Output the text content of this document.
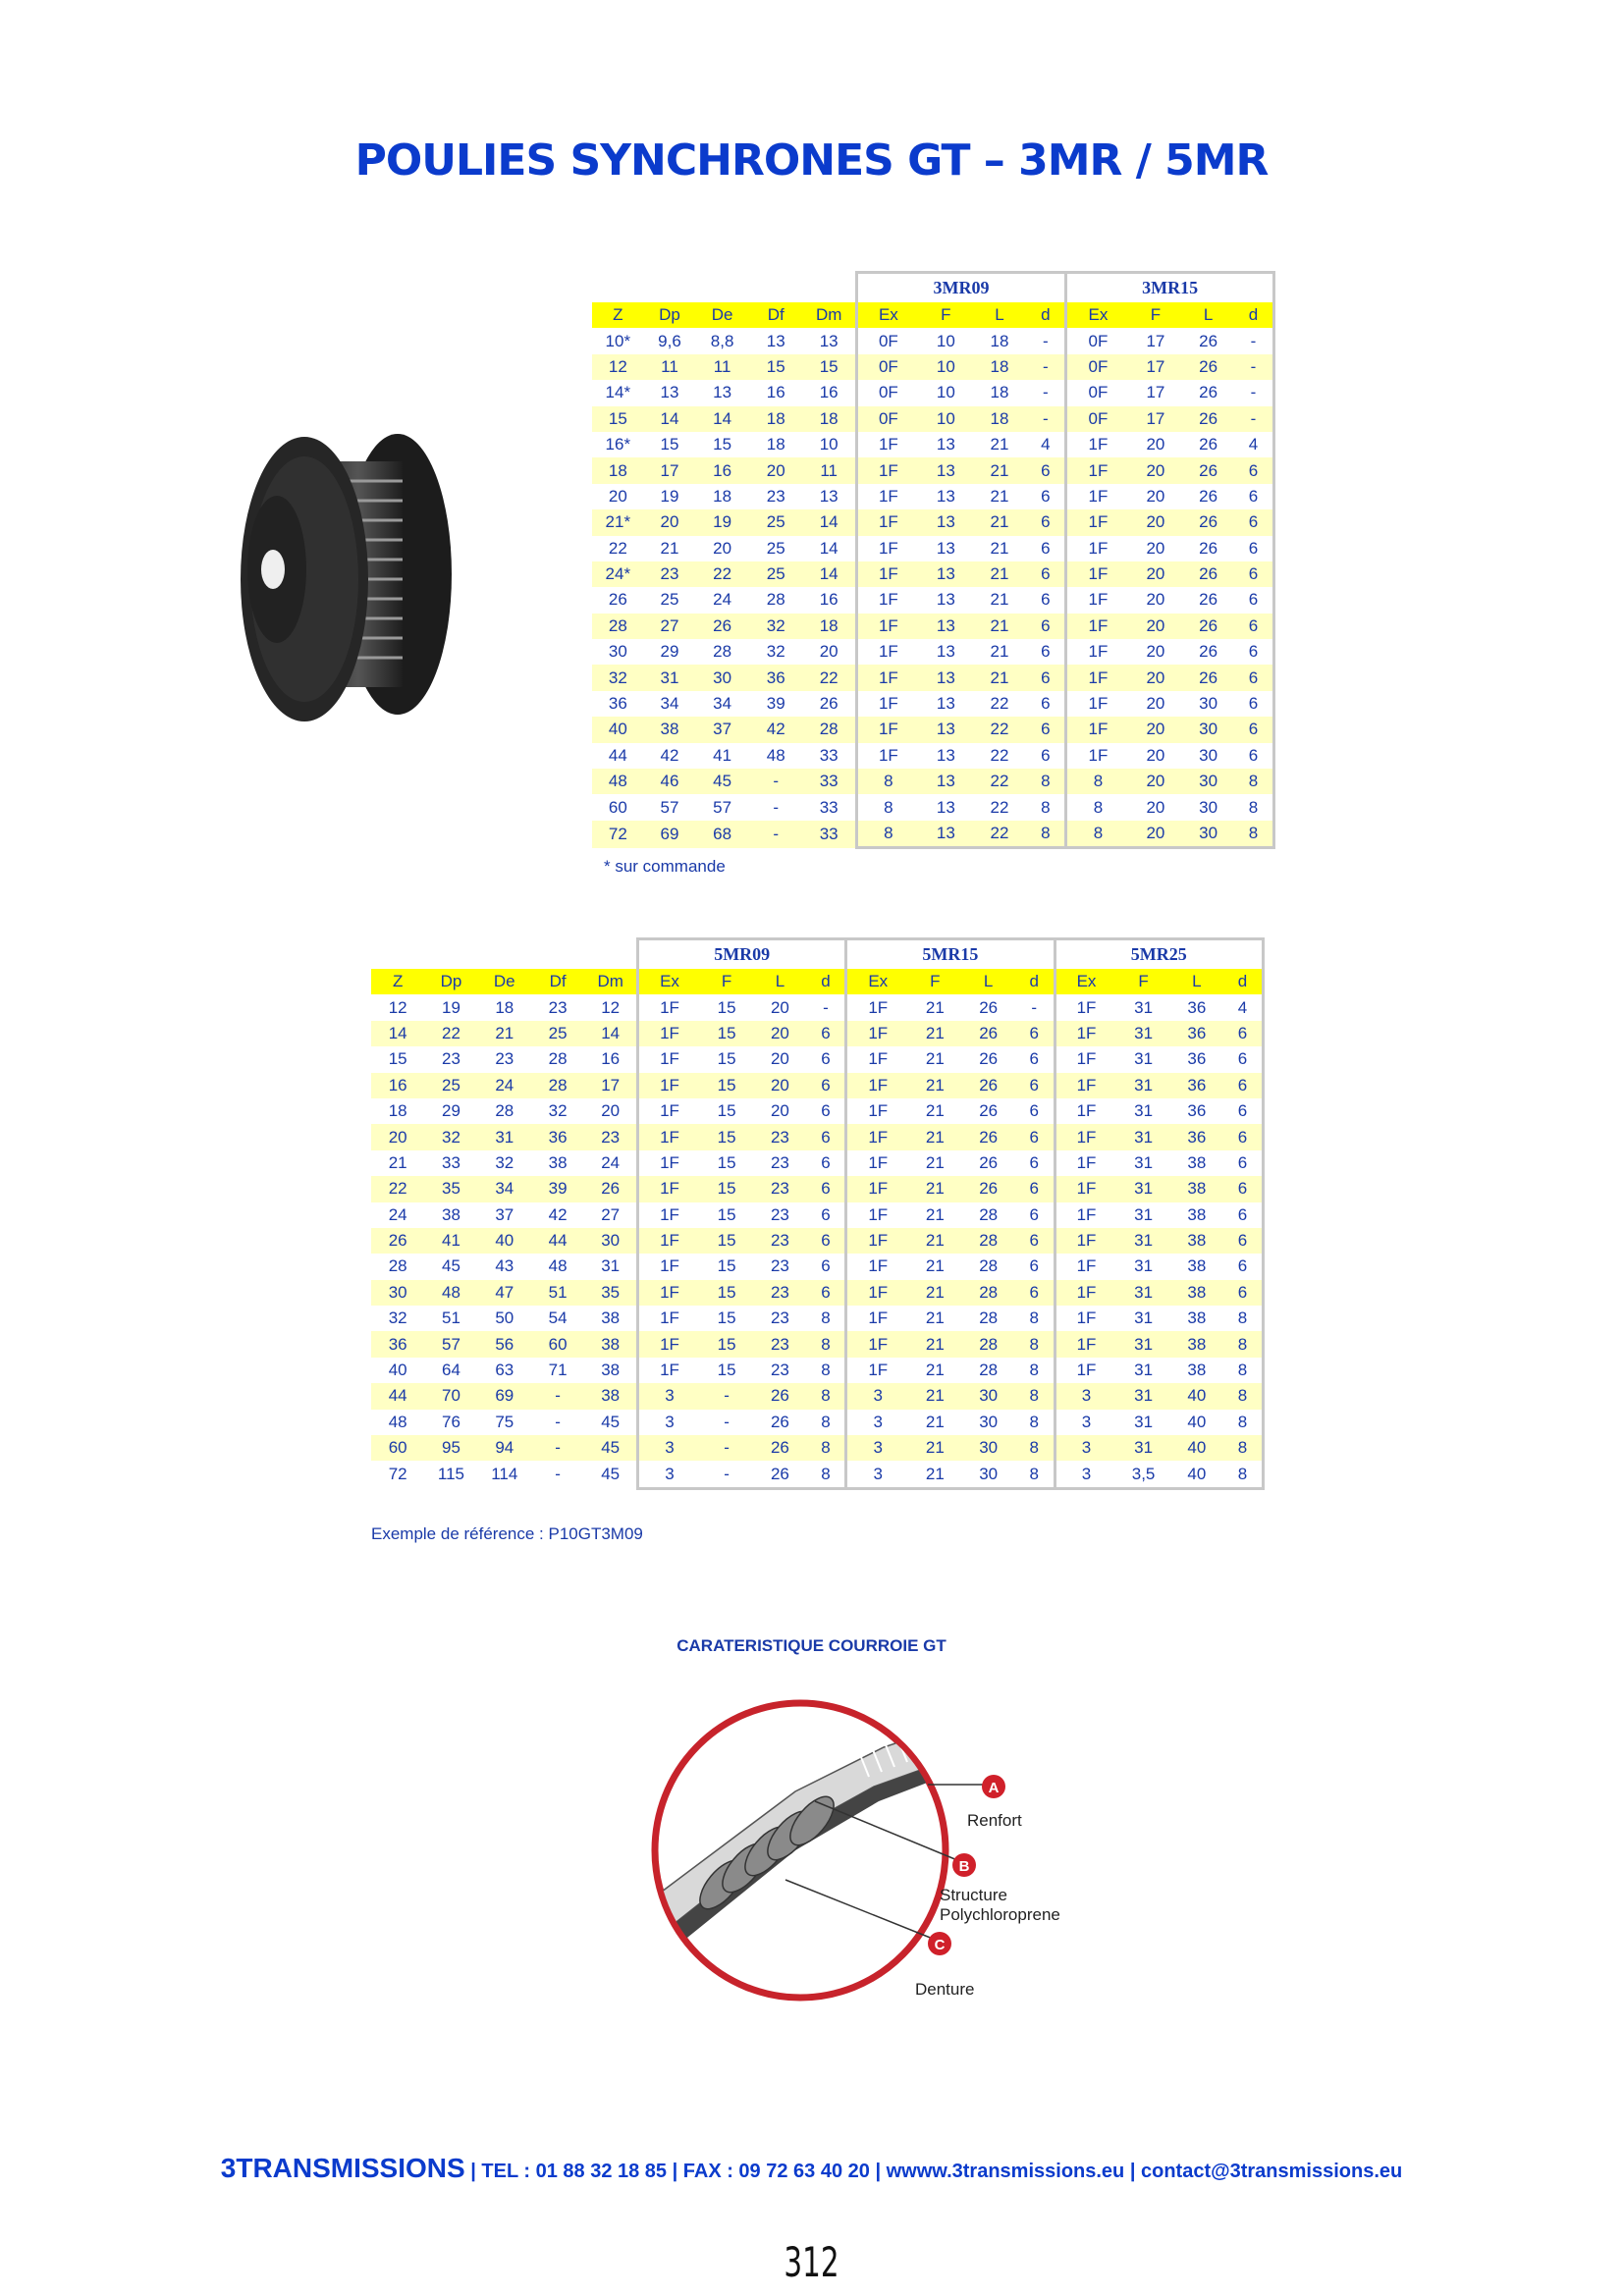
POULIES SYNCHRONES GT – 3MR / 5MR
					3MR09				3MR15			
Z	Dp	De	Df	Dm	Ex	F	L	d	Ex	F	L	d
10*	9,6	8,8	13	13	0F	10	18	-	0F	17	26	-
12	11	11	15	15	0F	10	18	-	0F	17	26	-
14*	13	13	16	16	0F	10	18	-	0F	17	26	-
15	14	14	18	18	0F	10	18	-	0F	17	26	-
16*	15	15	18	10	1F	13	21	4	1F	20	26	4
18	17	16	20	11	1F	13	21	6	1F	20	26	6
20	19	18	23	13	1F	13	21	6	1F	20	26	6
21*	20	19	25	14	1F	13	21	6	1F	20	26	6
22	21	20	25	14	1F	13	21	6	1F	20	26	6
24*	23	22	25	14	1F	13	21	6	1F	20	26	6
26	25	24	28	16	1F	13	21	6	1F	20	26	6
28	27	26	32	18	1F	13	21	6	1F	20	26	6
30	29	28	32	20	1F	13	21	6	1F	20	26	6
32	31	30	36	22	1F	13	21	6	1F	20	26	6
36	34	34	39	26	1F	13	22	6	1F	20	30	6
40	38	37	42	28	1F	13	22	6	1F	20	30	6
44	42	41	48	33	1F	13	22	6	1F	20	30	6
48	46	45	-	33	8	13	22	8	8	20	30	8
60	57	57	-	33	8	13	22	8	8	20	30	8
72	69	68	-	33	8	13	22	8	8	20	30	8
* sur commande
					5MR09				5MR15				5MR25			
Z	Dp	De	Df	Dm	Ex	F	L	d	Ex	F	L	d	Ex	F	L	d
12	19	18	23	12	1F	15	20	-	1F	21	26	-	1F	31	36	4
14	22	21	25	14	1F	15	20	6	1F	21	26	6	1F	31	36	6
15	23	23	28	16	1F	15	20	6	1F	21	26	6	1F	31	36	6
16	25	24	28	17	1F	15	20	6	1F	21	26	6	1F	31	36	6
18	29	28	32	20	1F	15	20	6	1F	21	26	6	1F	31	36	6
20	32	31	36	23	1F	15	23	6	1F	21	26	6	1F	31	36	6
21	33	32	38	24	1F	15	23	6	1F	21	26	6	1F	31	38	6
22	35	34	39	26	1F	15	23	6	1F	21	26	6	1F	31	38	6
24	38	37	42	27	1F	15	23	6	1F	21	28	6	1F	31	38	6
26	41	40	44	30	1F	15	23	6	1F	21	28	6	1F	31	38	6
28	45	43	48	31	1F	15	23	6	1F	21	28	6	1F	31	38	6
30	48	47	51	35	1F	15	23	6	1F	21	28	6	1F	31	38	6
32	51	50	54	38	1F	15	23	8	1F	21	28	8	1F	31	38	8
36	57	56	60	38	1F	15	23	8	1F	21	28	8	1F	31	38	8
40	64	63	71	38	1F	15	23	8	1F	21	28	8	1F	31	38	8
44	70	69	-	38	3	-	26	8	3	21	30	8	3	31	40	8
48	76	75	-	45	3	-	26	8	3	21	30	8	3	31	40	8
60	95	94	-	45	3	-	26	8	3	21	30	8	3	31	40	8
72	115	114	-	45	3	-	26	8	3	21	30	8	3	3,5	40	8
Exemple de référence : P10GT3M09
CARATERISTIQUE COURROIE GT
A
B
C
Renfort
Structure Polychloroprene
Denture
3TRANSMISSIONS | TEL : 01 88 32 18 85 | FAX : 09 72 63 40 20 | wwww.3transmissions.eu | contact@3transmissions.eu
312
